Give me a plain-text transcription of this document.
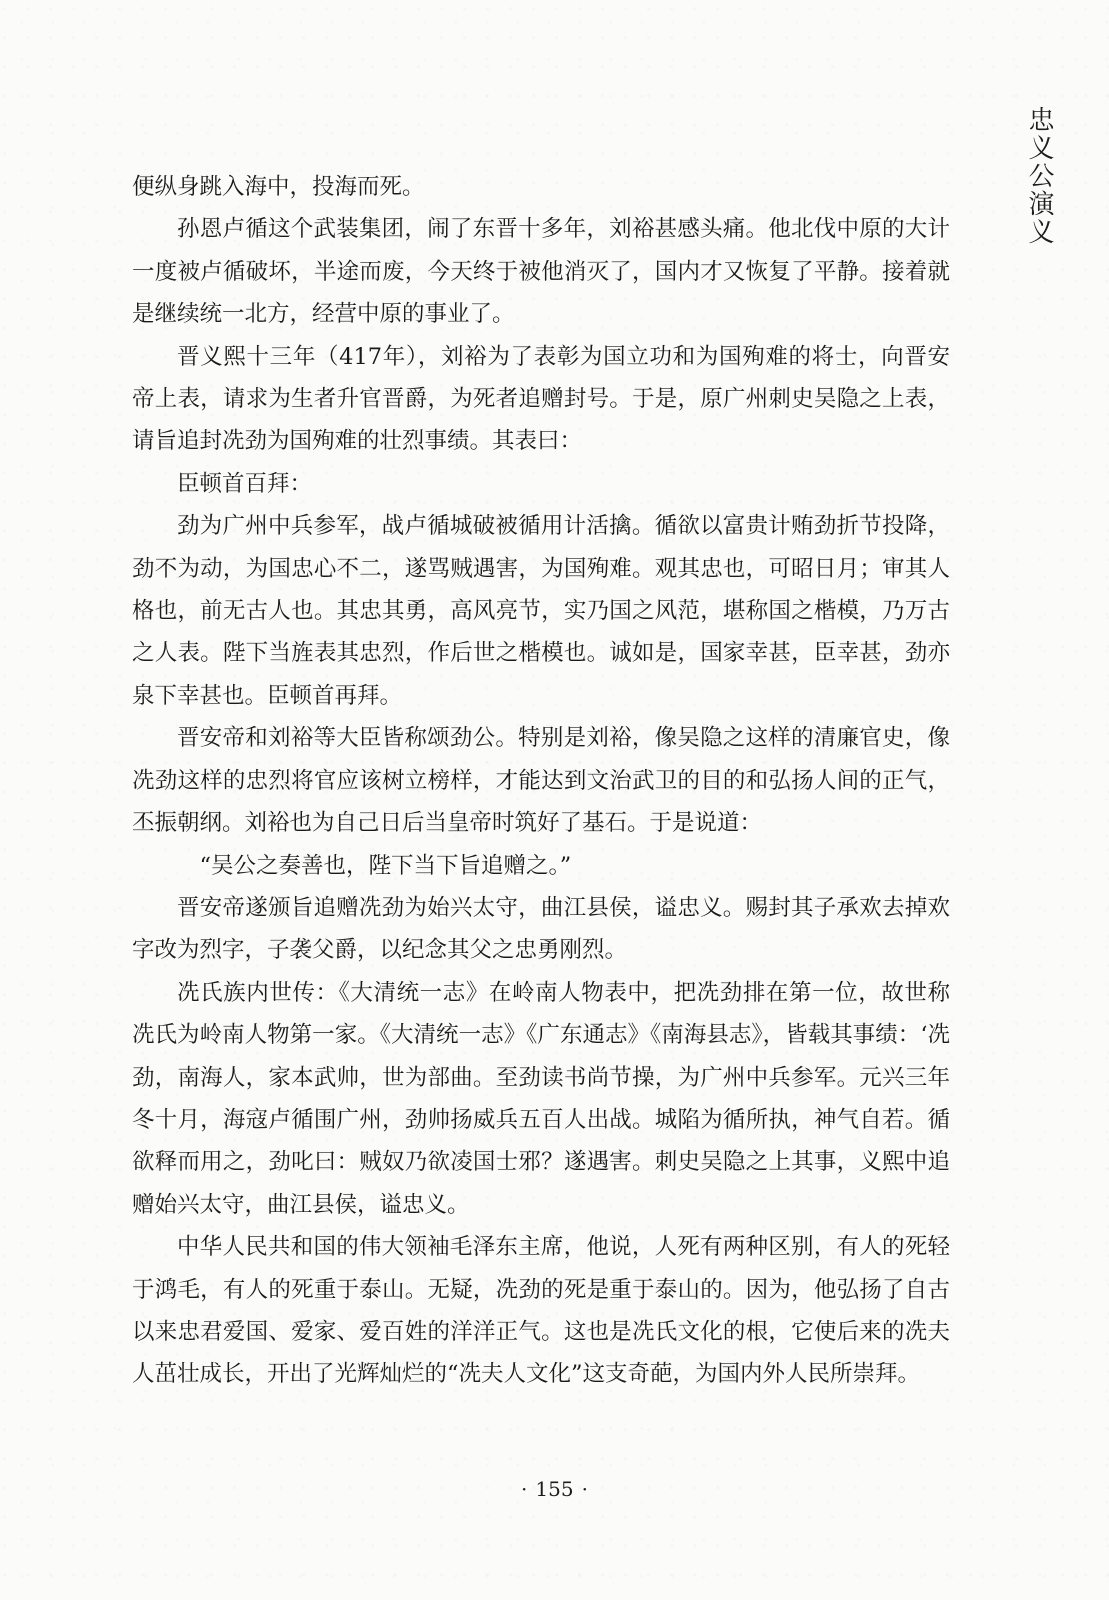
忠义公演义

便纵身跳入海中，投海而死。

孙恩卢循这个武装集团，闹了东晋十多年，刘裕甚感头痛。他北伐中原的大计一度被卢循破坏，半途而废，今天终于被他消灭了，国内才又恢复了平静。接着就是继续统一北方，经营中原的事业了。

晋义熙十三年（417年），刘裕为了表彰为国立功和为国殉难的将士，向晋安帝上表，请求为生者升官晋爵，为死者追赠封号。于是，原广州刺史吴隐之上表，请旨追封冼劲为国殉难的壮烈事绩。其表曰：

臣顿首百拜：

劲为广州中兵参军，战卢循城破被循用计活擒。循欲以富贵计贿劲折节投降，劲不为动，为国忠心不二，遂骂贼遇害，为国殉难。观其忠也，可昭日月；审其人格也，前无古人也。其忠其勇，高风亮节，实乃国之风范，堪称国之楷模，乃万古之人表。陛下当旌表其忠烈，作后世之楷模也。诚如是，国家幸甚，臣幸甚，劲亦泉下幸甚也。臣顿首再拜。

晋安帝和刘裕等大臣皆称颂劲公。特别是刘裕，像吴隐之这样的清廉官史，像冼劲这样的忠烈将官应该树立榜样，才能达到文治武卫的目的和弘扬人间的正气，丕振朝纲。刘裕也为自己日后当皇帝时筑好了基石。于是说道：

“吴公之奏善也，陛下当下旨追赠之。”

晋安帝遂颁旨追赠冼劲为始兴太守，曲江县侯，谥忠义。赐封其子承欢去掉欢字改为烈字，子袭父爵，以纪念其父之忠勇刚烈。

冼氏族内世传：《大清统一志》在岭南人物表中，把冼劲排在第一位，故世称冼氏为岭南人物第一家。《大清统一志》《广东通志》《南海县志》，皆载其事绩：‘冼劲，南海人，家本武帅，世为部曲。至劲读书尚节操，为广州中兵参军。元兴三年冬十月，海寇卢循围广州，劲帅扬威兵五百人出战。城陷为循所执，神气自若。循欲释而用之，劲叱曰：贼奴乃欲凌国士邪？遂遇害。刺史吴隐之上其事，义熙中追赠始兴太守，曲江县侯，谥忠义。

中华人民共和国的伟大领袖毛泽东主席，他说，人死有两种区别，有人的死轻于鸿毛，有人的死重于泰山。无疑，冼劲的死是重于泰山的。因为，他弘扬了自古以来忠君爱国、爱家、爱百姓的洋洋正气。这也是冼氏文化的根，它使后来的冼夫人茁壮成长，开出了光辉灿烂的“冼夫人文化”这支奇葩，为国内外人民所崇拜。

· 155 ·
